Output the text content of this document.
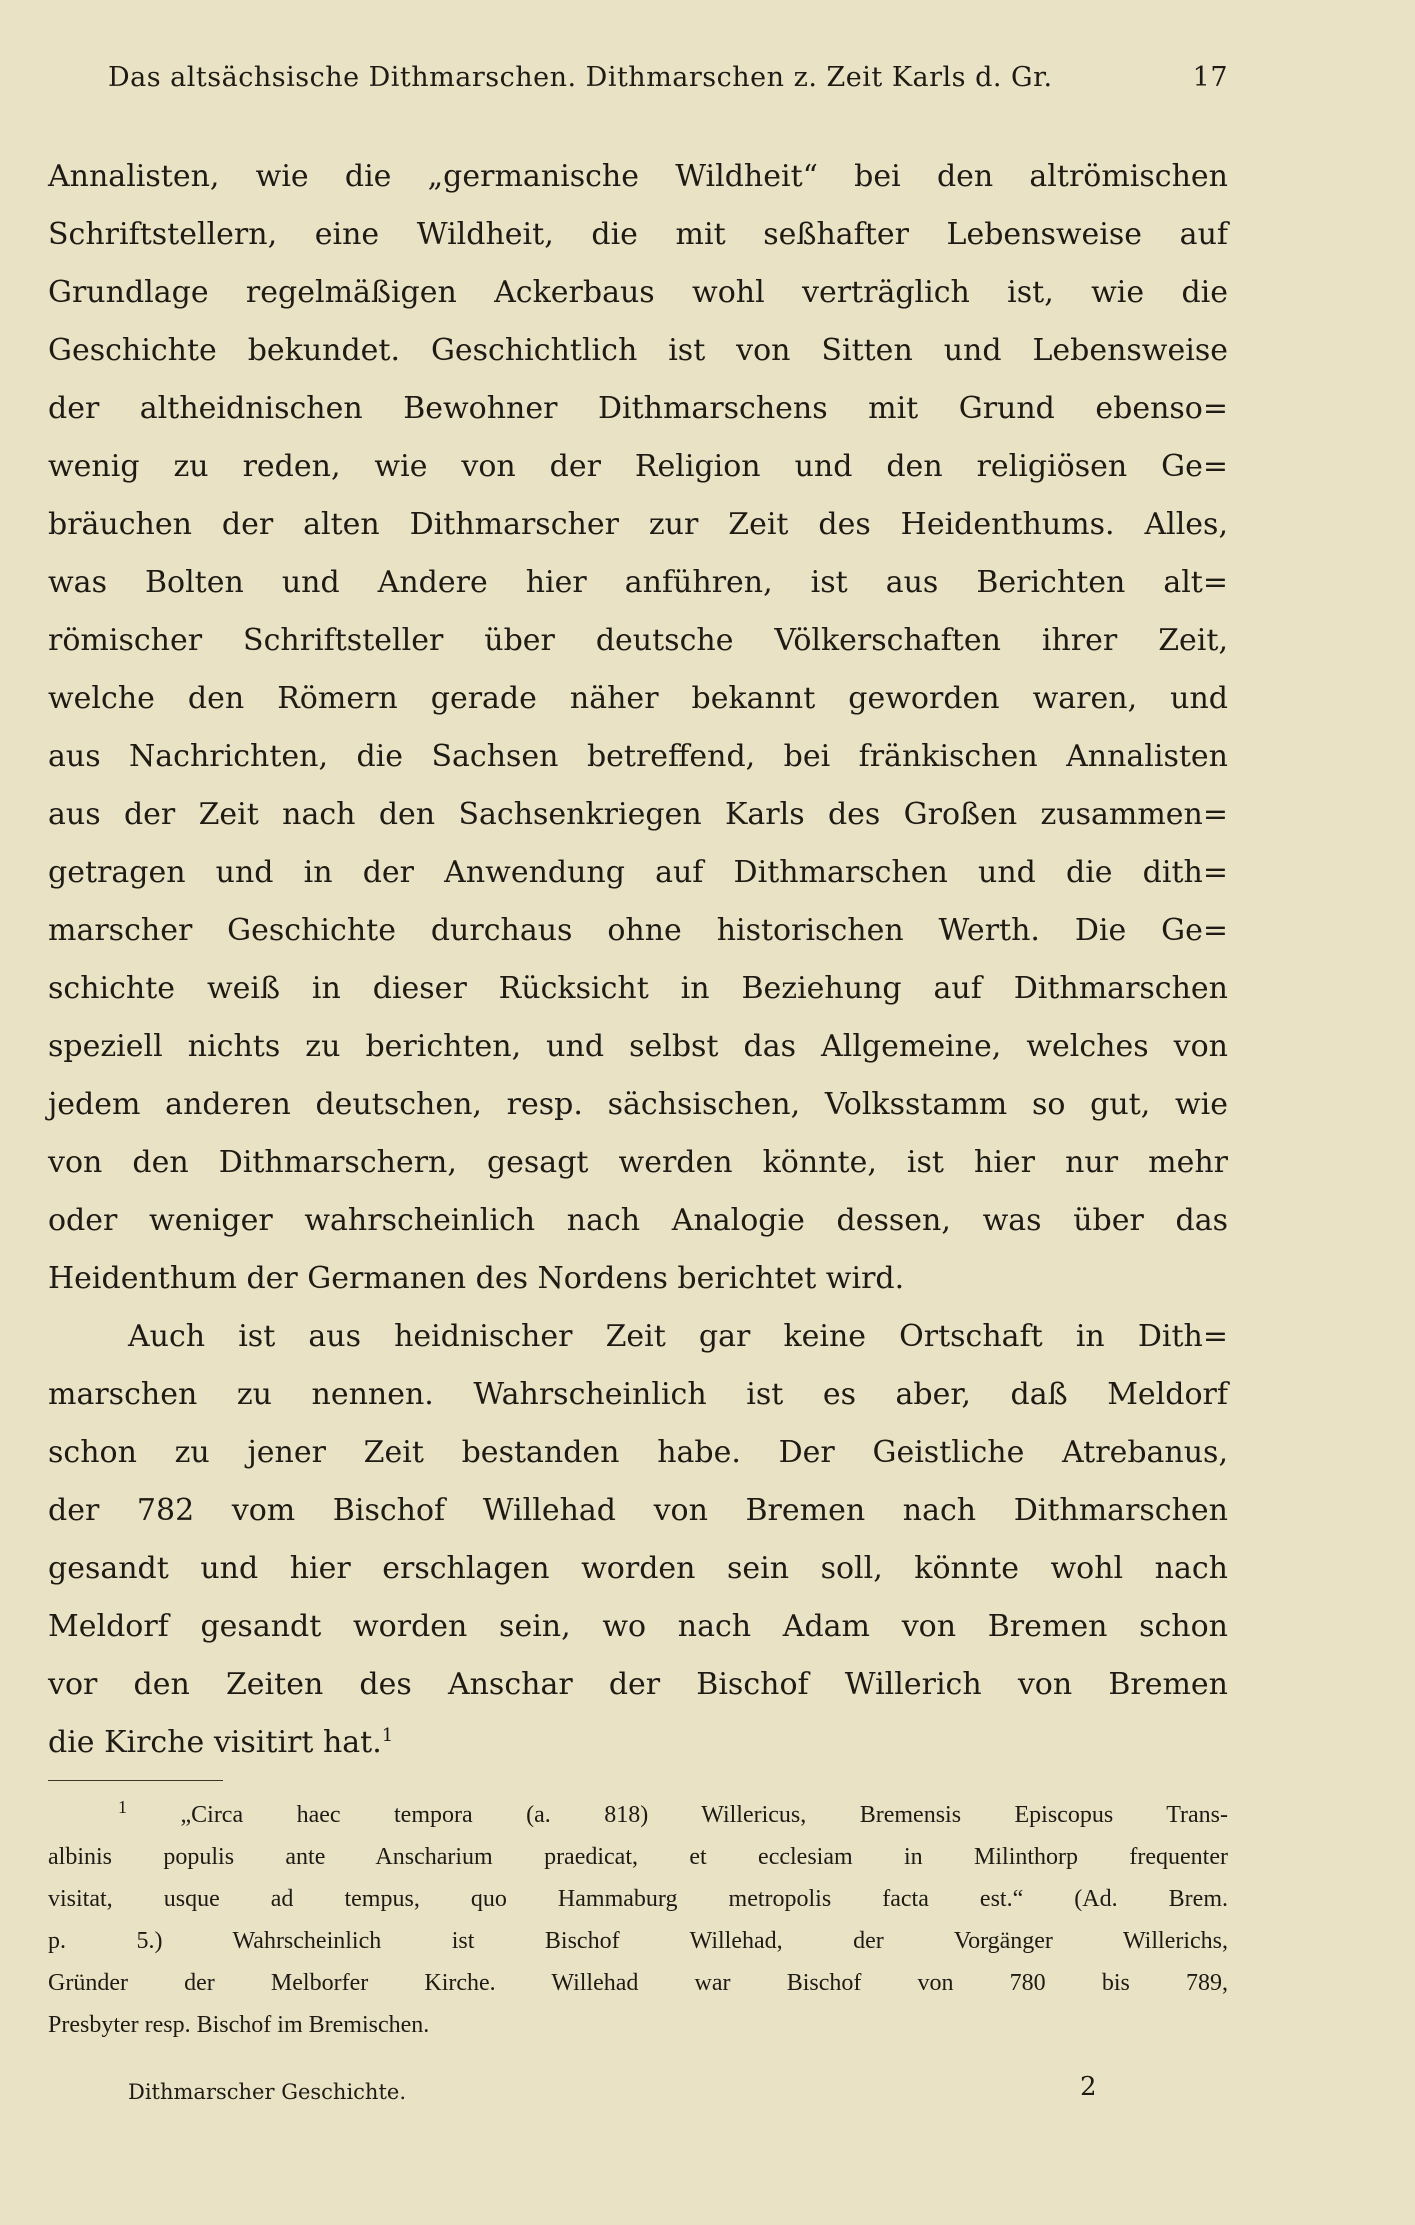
Das altsächsische Dithmarschen. Dithmarschen z. Zeit Karls d. Gr.	17
Annalisten, wie die „germanische Wildheit“ bei den altrömischen
Schriftstellern, eine Wildheit, die mit seßhafter Lebensweise auf
Grundlage regelmäßigen Ackerbaus wohl verträglich ist, wie die
Geschichte bekundet. Geschichtlich ist von Sitten und Lebensweise
der altheidnischen Bewohner Dithmarschens mit Grund ebenso=
wenig zu reden, wie von der Religion und den religiösen Ge=
bräuchen der alten Dithmarscher zur Zeit des Heidenthums. Alles,
was Bolten und Andere hier anführen, ist aus Berichten alt=
römischer Schriftsteller über deutsche Völkerschaften ihrer Zeit,
welche den Römern gerade näher bekannt geworden waren, und
aus Nachrichten, die Sachsen betreffend, bei fränkischen Annalisten
aus der Zeit nach den Sachsenkriegen Karls des Großen zusammen=
getragen und in der Anwendung auf Dithmarschen und die dith=
marscher Geschichte durchaus ohne historischen Werth. Die Ge=
schichte weiß in dieser Rücksicht in Beziehung auf Dithmarschen
speziell nichts zu berichten, und selbst das Allgemeine, welches von
jedem anderen deutschen, resp. sächsischen, Volksstamm so gut, wie
von den Dithmarschern, gesagt werden könnte, ist hier nur mehr
oder weniger wahrscheinlich nach Analogie dessen, was über das
Heidenthum der Germanen des Nordens berichtet wird.
Auch ist aus heidnischer Zeit gar keine Ortschaft in Dith=
marschen zu nennen. Wahrscheinlich ist es aber, daß Meldorf
schon zu jener Zeit bestanden habe. Der Geistliche Atrebanus,
der 782 vom Bischof Willehad von Bremen nach Dithmarschen
gesandt und hier erschlagen worden sein soll, könnte wohl nach
Meldorf gesandt worden sein, wo nach Adam von Bremen schon
vor den Zeiten des Anschar der Bischof Willerich von Bremen
die Kirche visitirt hat.$^1$
$^1$ „Circa haec tempora (a. 818) Willericus, Bremensis Episcopus Trans-
albinis populis ante Anscharium praedicat, et ecclesiam in Milinthorp frequenter
visitat, usque ad tempus, quo Hammaburg metropolis facta est.“ (Ad. Brem.
p. 5.) Wahrscheinlich ist Bischof Willehad, der Vorgänger Willerichs,
Gründer der Melborfer Kirche. Willehad war Bischof von 780 bis 789,
Presbyter resp. Bischof im Bremischen.
Dithmarscher Geschichte.	2
